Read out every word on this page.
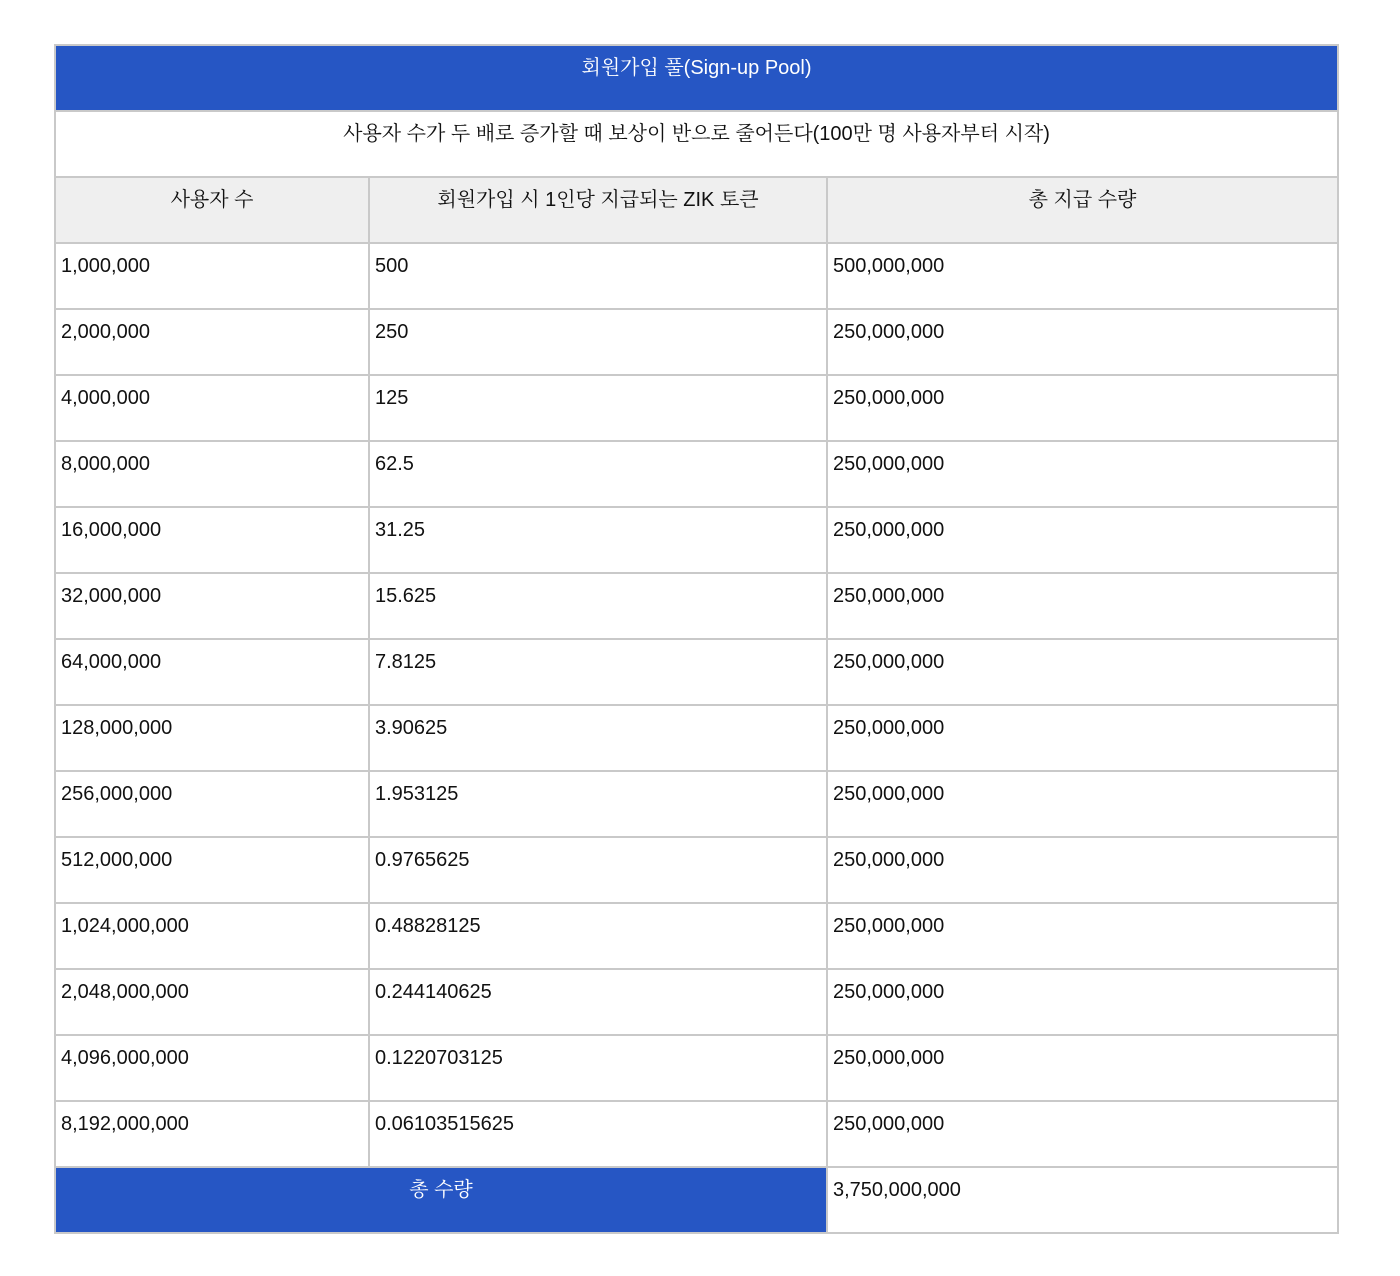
회원가입 풀(Sign-up Pool)		
사용자 수가 두 배로 증가할 때 보상이 반으로 줄어든다(100만 명 사용자부터 시작)		
사용자 수	회원가입 시 1인당 지급되는 ZIK 토큰	총 지급 수량
1,000,000	500	500,000,000
2,000,000	250	250,000,000
4,000,000	125	250,000,000
8,000,000	62.5	250,000,000
16,000,000	31.25	250,000,000
32,000,000	15.625	250,000,000
64,000,000	7.8125	250,000,000
128,000,000	3.90625	250,000,000
256,000,000	1.953125	250,000,000
512,000,000	0.9765625	250,000,000
1,024,000,000	0.48828125	250,000,000
2,048,000,000	0.244140625	250,000,000
4,096,000,000	0.1220703125	250,000,000
8,192,000,000	0.06103515625	250,000,000
총 수량		3,750,000,000
